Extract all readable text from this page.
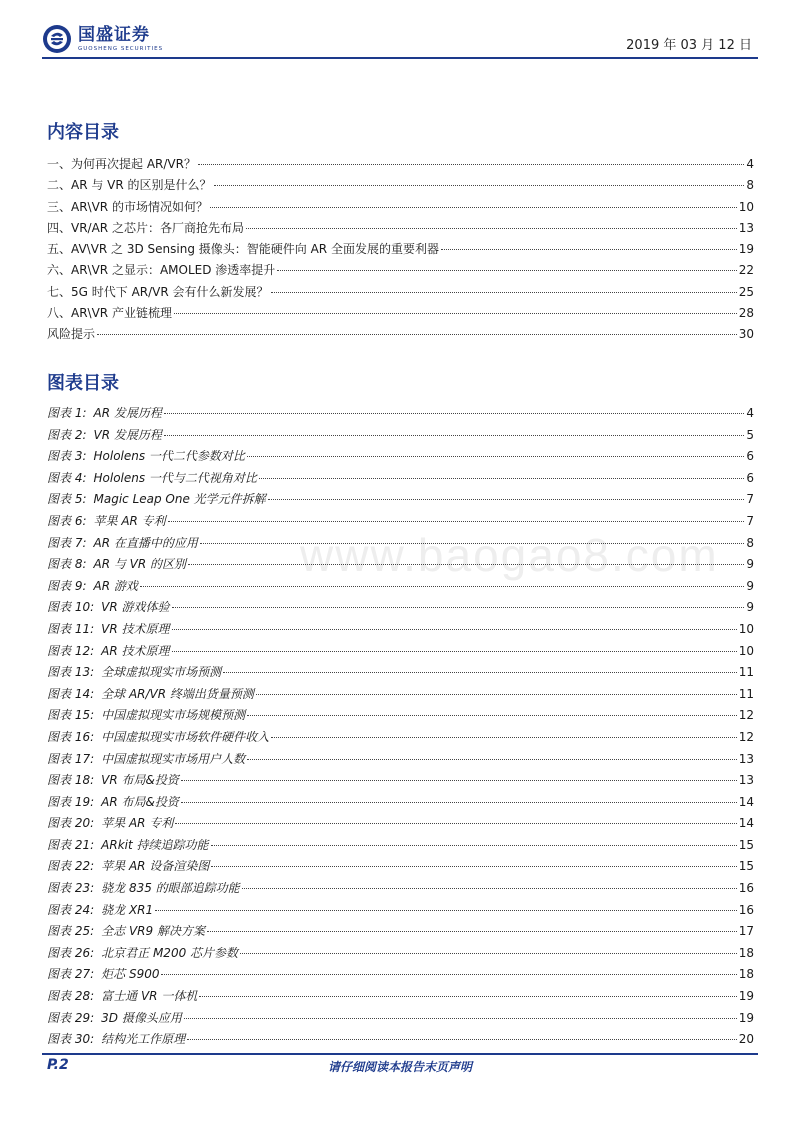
国盛证券
GUOSHENG SECURITIES	2019 年 03 月 12 日
www.baogao8.com
内容目录
一、为何再次提起 AR/VR？	4
二、AR 与 VR 的区别是什么？	8
三、AR\VR 的市场情况如何？	10
四、VR/AR 之芯片：各厂商抢先布局	13
五、AV\VR 之 3D Sensing 摄像头：智能硬件向 AR 全面发展的重要利器	19
六、AR\VR 之显示：AMOLED 渗透率提升	22
七、5G 时代下 AR/VR 会有什么新发展？	25
八、AR\VR 产业链梳理	28
风险提示	30
图表目录
图表 1: AR 发展历程	4
图表 2: VR 发展历程	5
图表 3: Hololens 一代二代参数对比	6
图表 4: Hololens 一代与二代视角对比	6
图表 5: Magic Leap One 光学元件拆解	7
图表 6: 苹果 AR 专利	7
图表 7: AR 在直播中的应用	8
图表 8: AR 与 VR 的区别	9
图表 9: AR 游戏	9
图表 10: VR 游戏体验	9
图表 11: VR 技术原理	10
图表 12: AR 技术原理	10
图表 13: 全球虚拟现实市场预测	11
图表 14: 全球 AR/VR 终端出货量预测	11
图表 15: 中国虚拟现实市场规模预测	12
图表 16: 中国虚拟现实市场软件硬件收入	12
图表 17: 中国虚拟现实市场用户人数	13
图表 18: VR 布局&投资	13
图表 19: AR 布局&投资	14
图表 20: 苹果 AR 专利	14
图表 21: ARkit 持续追踪功能	15
图表 22: 苹果 AR 设备渲染图	15
图表 23: 骁龙 835 的眼部追踪功能	16
图表 24: 骁龙 XR1	16
图表 25: 全志 VR9 解决方案	17
图表 26: 北京君正 M200 芯片参数	18
图表 27: 炬芯 S900	18
图表 28: 富士通 VR 一体机	19
图表 29: 3D 摄像头应用	19
图表 30: 结构光工作原理	20
P.2	请仔细阅读本报告末页声明
